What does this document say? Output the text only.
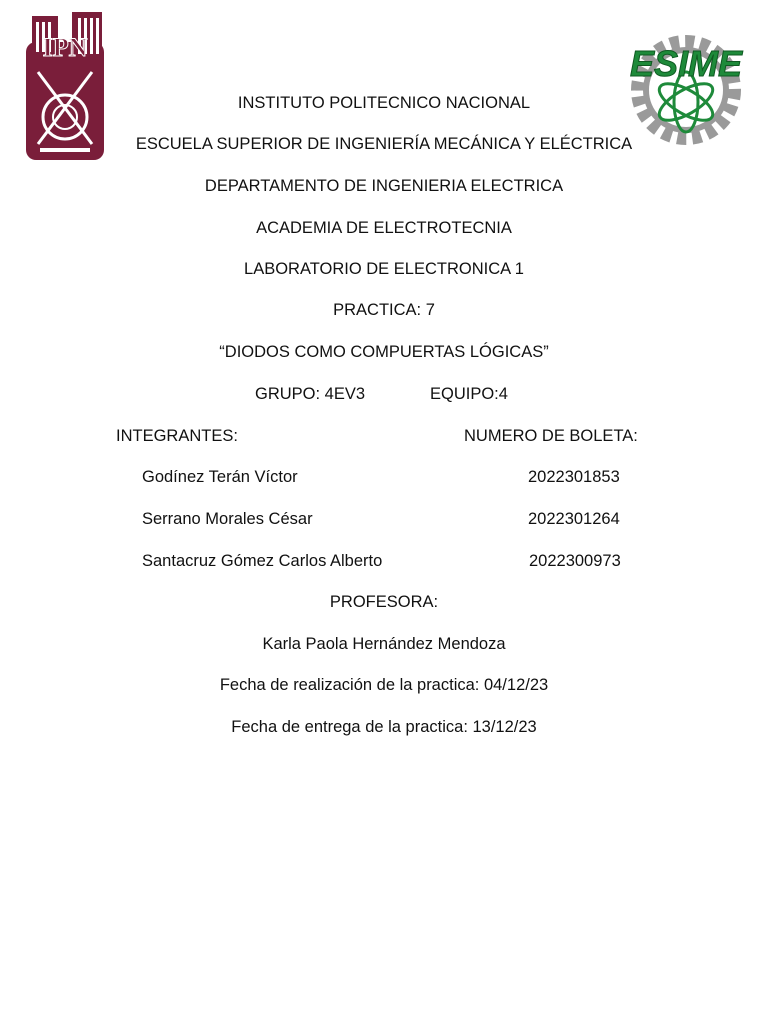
IPN	ESIME
INSTITUTO POLITECNICO NACIONAL
ESCUELA SUPERIOR DE INGENIERÍA MECÁNICA Y ELÉCTRICA
DEPARTAMENTO DE INGENIERIA ELECTRICA
ACADEMIA DE ELECTROTECNIA
LABORATORIO DE ELECTRONICA 1
PRACTICA: 7
“DIODOS COMO COMPUERTAS LÓGICAS”
GRUPO: 4EV3	EQUIPO:4
INTEGRANTES:	NUMERO DE BOLETA:
Godínez Terán Víctor	2022301853
Serrano Morales César	2022301264
Santacruz Gómez Carlos Alberto	2022300973
PROFESORA:
Karla Paola Hernández Mendoza
Fecha de realización de la practica: 04/12/23
Fecha de entrega de la practica: 13/12/23
